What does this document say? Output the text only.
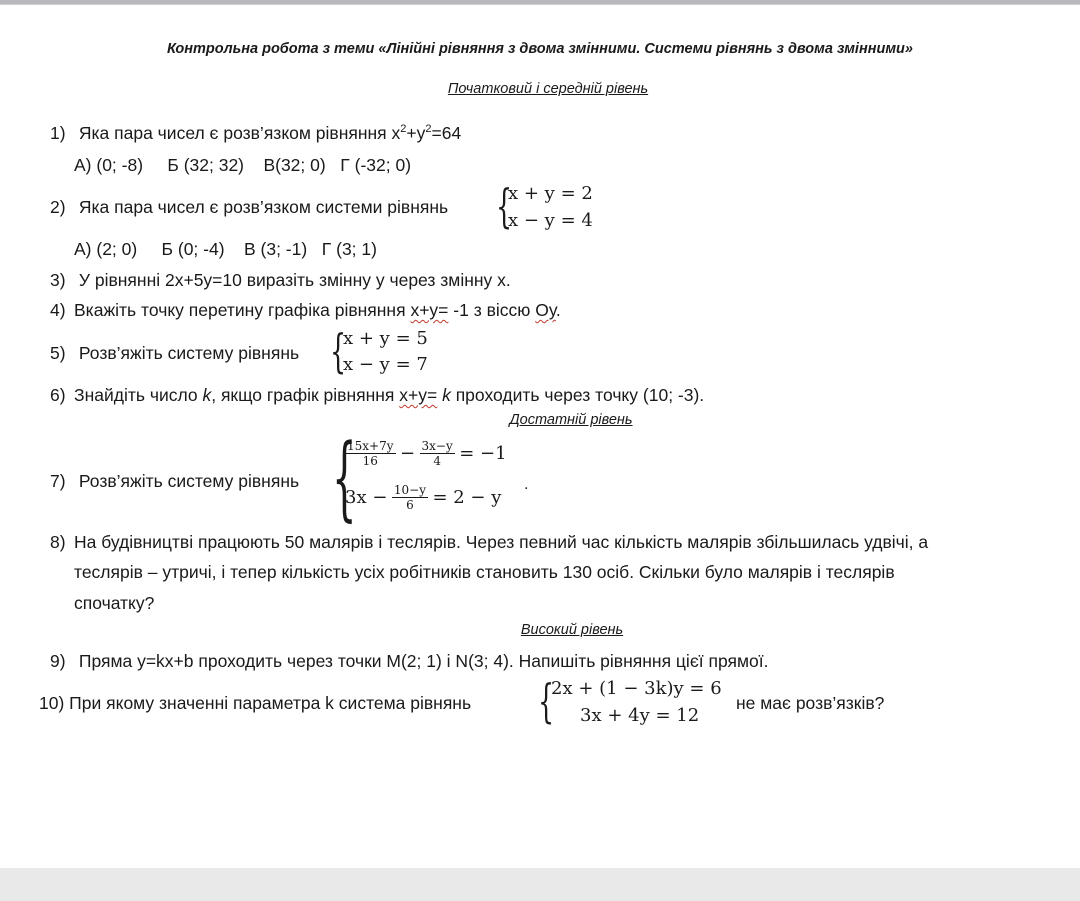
Контрольна робота з теми «Лінійні рівняння з двома змінними. Системи рівнянь з двома змінними»
Початковий і середній рівень
1) Яка пара чисел є розв’язком рівняння $x^2+y^2=64$
А) (0; -8)     Б (32; 32)    В(32; 0)   Г (-32; 0)
2) Яка пара чисел є розв’язком системи рівнянь {
x + y = 2
x − y = 4
А) (2; 0)     Б (0; -4)    В (3; -1)   Г (3; 1)
3) У рівнянні 2x+5y=10 виразіть змінну у через змінну x.
4) Вкажіть точку перетину графіка рівняння x+y= -1 з віссю Оу.
5) Розв’яжіть систему рівнянь {
x + y = 5
x − y = 7
6) Знайдіть число k, якщо графік рівняння x+y= k проходить через точку (10; -3).
Достатній рівень
7) Розв’яжіть систему рівнянь {
$\frac{15x+7y}{16} - \frac{3x-y}{4} = -1$
$3x - \frac{10-y}{6} = 2 - y$
.
8) На будівництві працюють 50 малярів і теслярів. Через певний час кількість малярів збільшилась удвічі, а
теслярів – утричі, і тепер кількість усіх робітників становить 130 осіб. Скільки було малярів і теслярів
спочатку?
Високий рівень
9) Пряма y=kx+b проходить через точки М(2; 1) і N(3; 4). Напишіть рівняння цієї прямої.
10) При якому значенні параметра k система рівнянь {
2x + (1 − 3k)y = 6
3x + 4y = 12
не має розв’язків?
